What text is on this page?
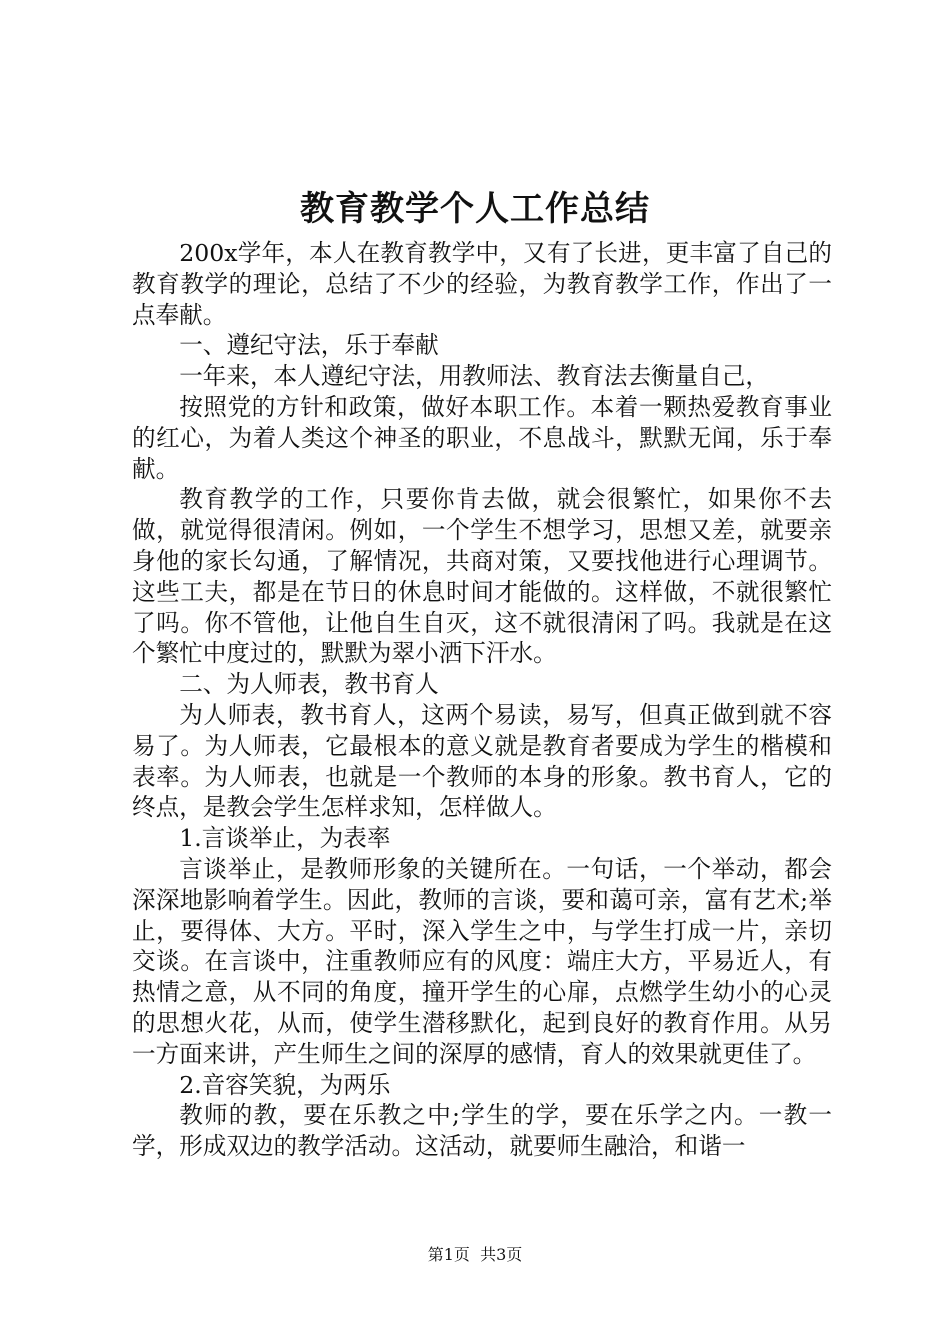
教育教学个人工作总结

200x学年，本人在教育教学中，又有了长进，更丰富了自己的教育教学的理论，总结了不少的经验，为教育教学工作，作出了一点奉献。

一、遵纪守法，乐于奉献

一年来，本人遵纪守法，用教师法、教育法去衡量自己，

按照党的方针和政策，做好本职工作。本着一颗热爱教育事业的红心，为着人类这个神圣的职业，不息战斗，默默无闻，乐于奉献。

教育教学的工作，只要你肯去做，就会很繁忙，如果你不去做，就觉得很清闲。例如，一个学生不想学习，思想又差，就要亲身他的家长勾通，了解情况，共商对策，又要找他进行心理调节。这些工夫，都是在节日的休息时间才能做的。这样做，不就很繁忙了吗。你不管他，让他自生自灭，这不就很清闲了吗。我就是在这个繁忙中度过的，默默为翠小洒下汗水。

二、为人师表，教书育人

为人师表，教书育人，这两个易读，易写，但真正做到就不容易了。为人师表，它最根本的意义就是教育者要成为学生的楷模和表率。为人师表，也就是一个教师的本身的形象。教书育人，它的终点，是教会学生怎样求知，怎样做人。

1.言谈举止，为表率

言谈举止，是教师形象的关键所在。一句话，一个举动，都会深深地影响着学生。因此，教师的言谈，要和蔼可亲，富有艺术;举止，要得体、大方。平时，深入学生之中，与学生打成一片，亲切交谈。在言谈中，注重教师应有的风度：端庄大方，平易近人，有热情之意，从不同的角度，撞开学生的心扉，点燃学生幼小的心灵的思想火花，从而，使学生潜移默化，起到良好的教育作用。从另一方面来讲，产生师生之间的深厚的感情，育人的效果就更佳了。

2.音容笑貌，为两乐

教师的教，要在乐教之中;学生的学，要在乐学之内。一教一学，形成双边的教学活动。这活动，就要师生融洽，和谐一

第1页  共3页
